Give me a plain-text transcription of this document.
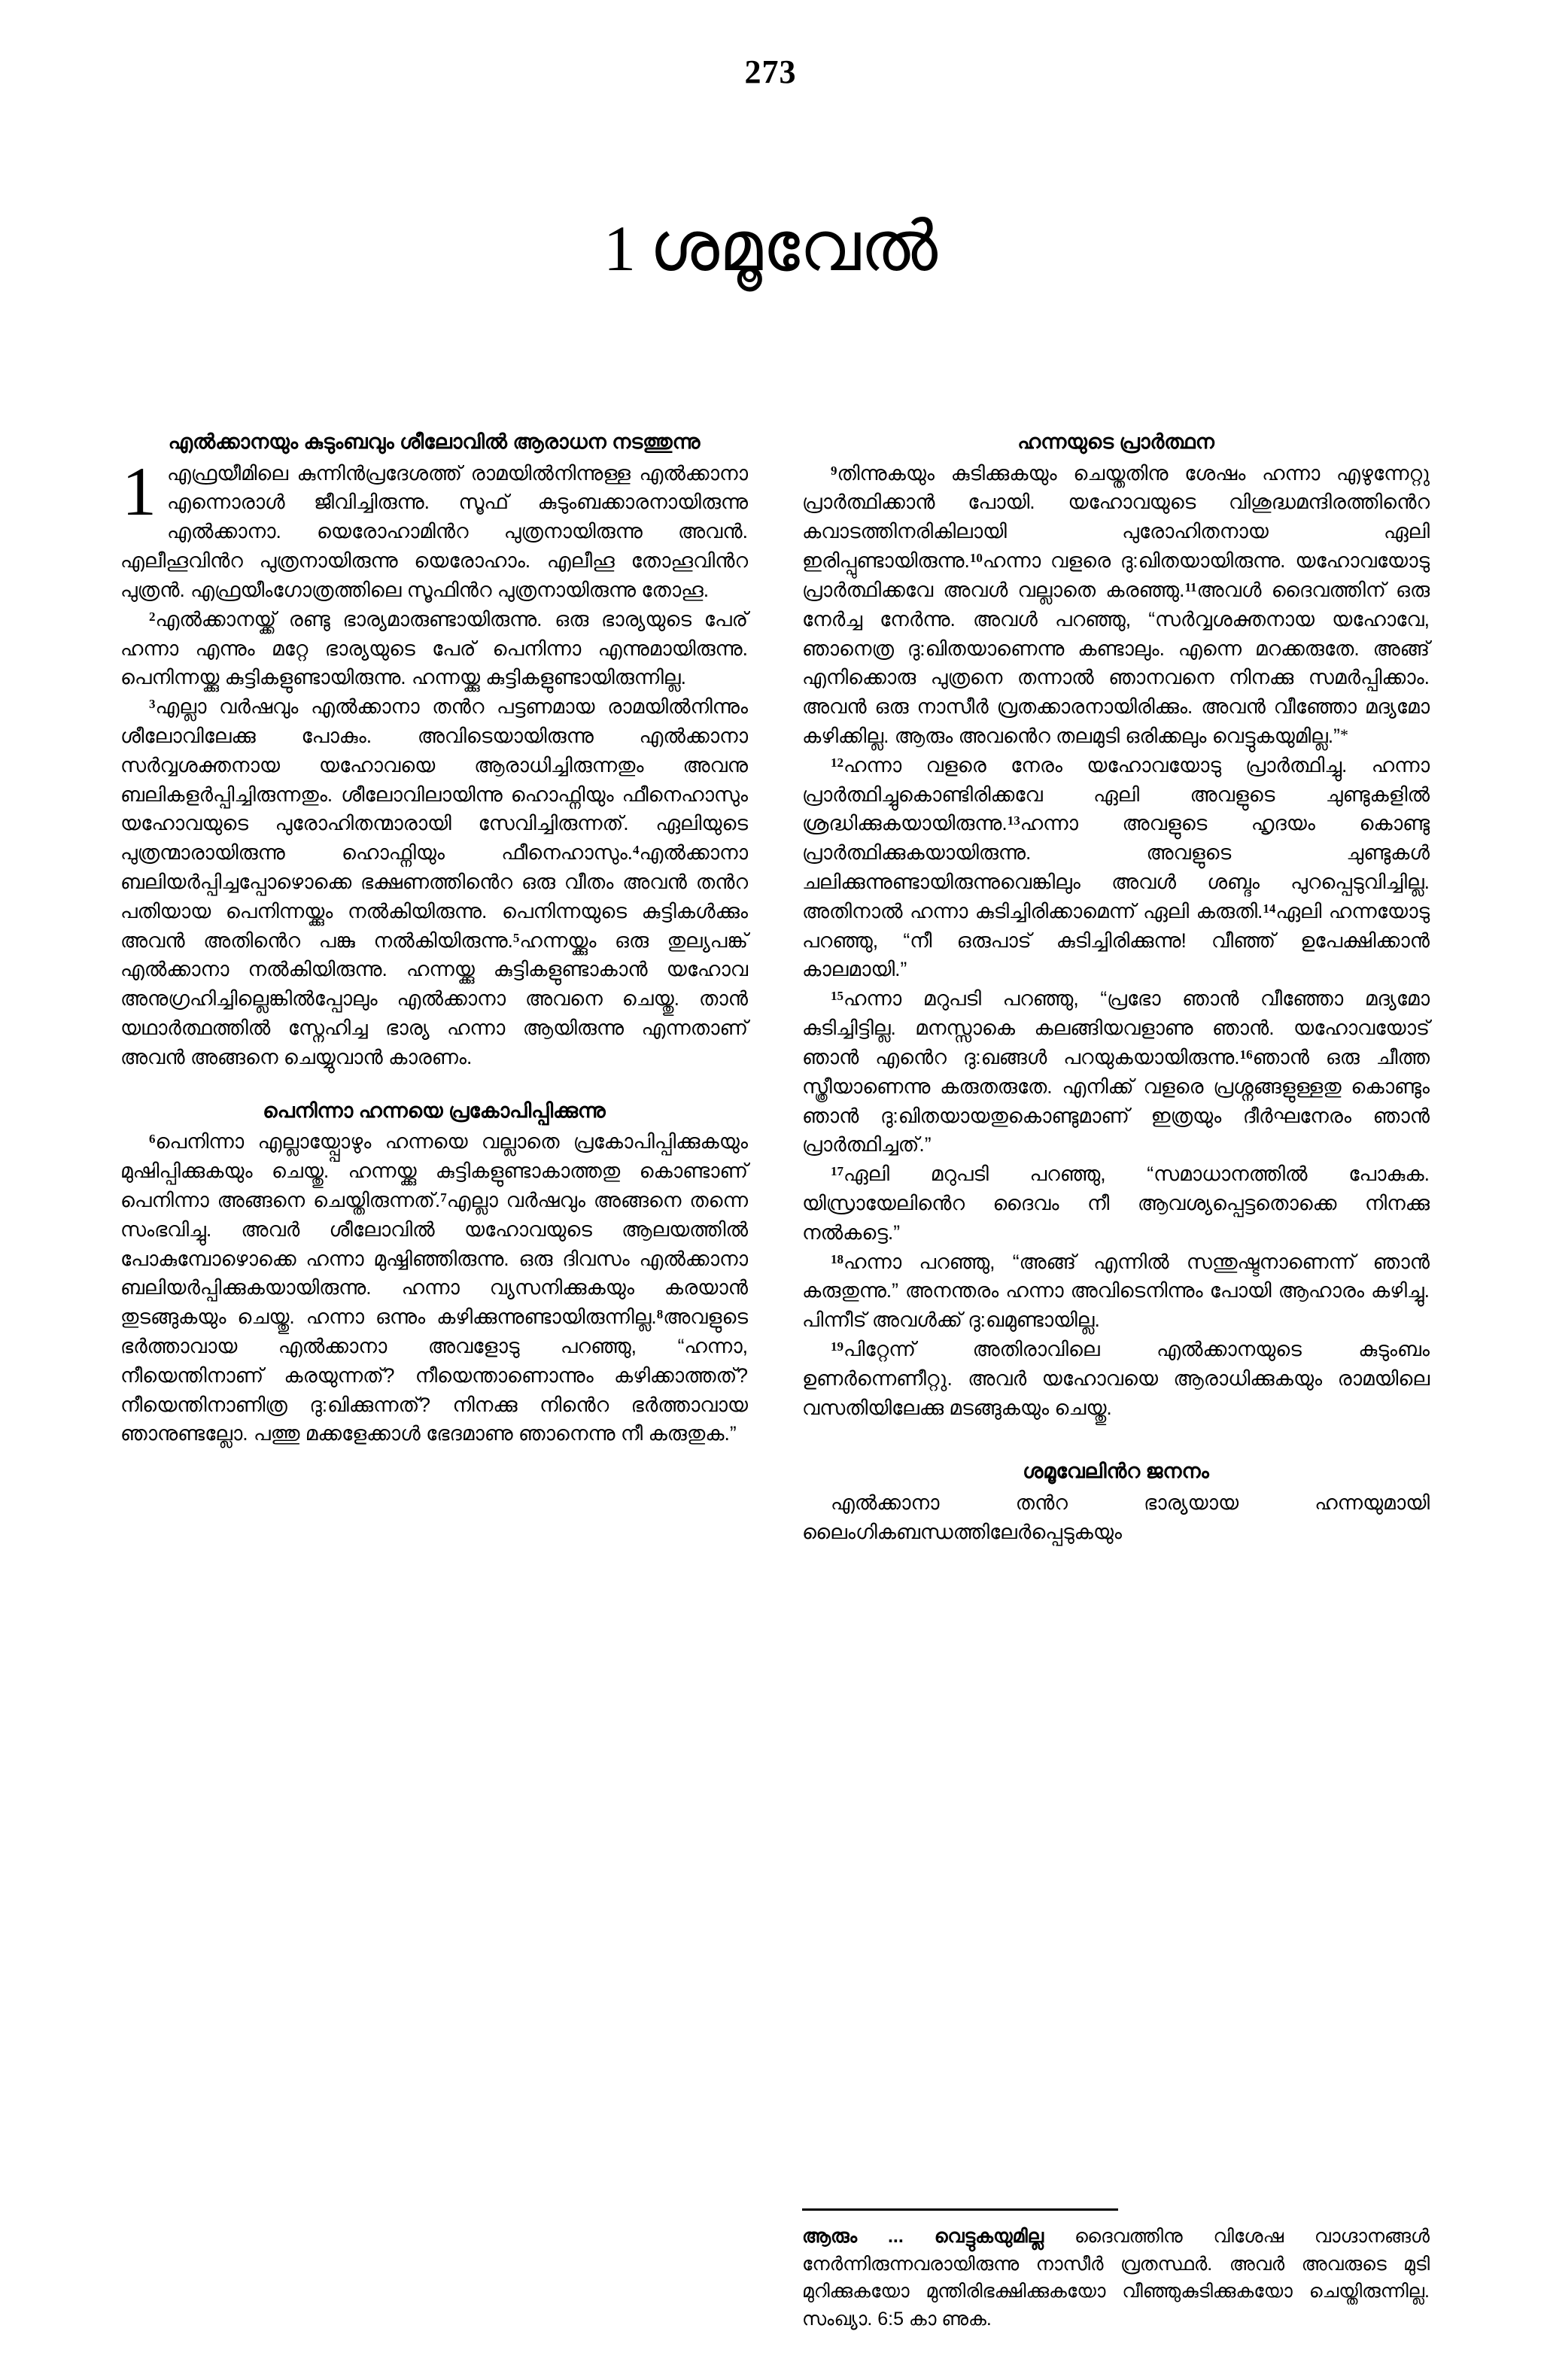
273
1 ശമൂവേൽ
എൽക്കാനയും കുടുംബവും ശീലോവിൽ ആരാധന നടത്തുന്നു

1 എഫ്രയീമിലെ കുന്നിൻപ്രദേശത്ത് രാമയിൽനിന്നുള്ള എൽക്കാനാ എന്നൊരാൾ ജീവിച്ചിരുന്നു. സൂഫ് കുടുംബക്കാരനായിരുന്നു എൽക്കാനാ. യെരോഹാമിൻറ പുത്രനായിരുന്നു അവൻ. എലീഹൂവിൻറ പുത്രനായിരുന്നു യെരോഹാം. എലീഹൂ തോഹൂവിൻറ പുത്രൻ. എഫ്രയീംഗോത്രത്തിലെ സൂഫിൻറ പുത്രനായിരുന്നു തോഹൂ.

$^2$എൽക്കാനയ്ക്ക് രണ്ടു ഭാര്യമാരുണ്ടായിരുന്നു. ഒരു ഭാര്യയുടെ പേര് ഹന്നാ എന്നും മറ്റേ ഭാര്യയുടെ പേര് പെനിന്നാ എന്നുമായിരുന്നു. പെനിന്നയ്ക്കു കുട്ടികളുണ്ടായിരുന്നു. ഹന്നയ്ക്കു കുട്ടികളുണ്ടായിരുന്നില്ല.

$^3$എല്ലാ വർഷവും എൽക്കാനാ തൻറ പട്ടണമായ രാമയിൽനിന്നും ശീലോവിലേക്കു പോകും. അവിടെയായിരുന്നു എൽക്കാനാ സർവ്വശക്തനായ യഹോവയെ ആരാധിച്ചിരുന്നതും അവനു ബലികളർപ്പിച്ചിരുന്നതും. ശീലോവിലായിന്നു ഹൊഫ്നിയും ഫീനെഹാസും യഹോവയുടെ പുരോഹിതന്മാരായി സേവിച്ചിരുന്നത്. ഏലിയുടെ പുത്രന്മാരായിരുന്നു ഹൊഫ്നിയും ഫീനെഹാസും.$^4$എൽക്കാനാ ബലിയർപ്പിച്ചപ്പോഴൊക്കെ ഭക്ഷണത്തിൻെറ ഒരു വീതം അവൻ തൻറ പതിയായ പെനിന്നയ്ക്കും നൽകിയിരുന്നു. പെനിന്നയുടെ കുട്ടികൾക്കും അവൻ അതിൻെറ പങ്കു നൽകിയിരുന്നു.$^5$ഹന്നയ്ക്കും ഒരു തുല്യപങ്ക് എൽക്കാനാ നൽകിയിരുന്നു. ഹന്നയ്ക്കു കുട്ടികളുണ്ടാകാൻ യഹോവ അനുഗ്രഹിച്ചില്ലെങ്കിൽപ്പോലും എൽക്കാനാ അവനെ ചെയ്തു. താൻ യഥാർത്ഥത്തിൽ സ്നേഹിച്ച ഭാര്യ ഹന്നാ ആയിരുന്നു എന്നതാണ് അവൻ അങ്ങനെ ചെയ്യുവാൻ കാരണം.

പെനിന്നാ ഹന്നയെ പ്രകോപിപ്പിക്കുന്നു

$^6$പെനിന്നാ എല്ലായ്പ്പോഴും ഹന്നയെ വല്ലാതെ പ്രകോപിപ്പിക്കുകയും മുഷിപ്പിക്കുകയും ചെയ്തു. ഹന്നയ്ക്കു കുട്ടികളുണ്ടാകാത്തതു കൊണ്ടാണ് പെനിന്നാ അങ്ങനെ ചെയ്തിരുന്നത്.$^7$എല്ലാ വർഷവും അങ്ങനെ തന്നെ സംഭവിച്ചു. അവർ ശീലോവിൽ യഹോവയുടെ ആലയത്തിൽ പോകുമ്പോഴൊക്കെ ഹന്നാ മുഷ്ഷിഞ്ഞിരുന്നു. ഒരു ദിവസം എൽക്കാനാ ബലിയർപ്പിക്കുകയായിരുന്നു. ഹന്നാ വ്യസനിക്കുകയും കരയാൻ തുടങ്ങുകയും ചെയ്തു. ഹന്നാ ഒന്നും കഴിക്കുന്നുണ്ടായിരുന്നില്ല.$^8$അവളുടെ ഭർത്താവായ എൽക്കാനാ അവളോടു പറഞ്ഞു, “ഹന്നാ, നീയെന്തിനാണ് കരയുന്നത്? നീയെന്താണൊന്നും കഴിക്കാത്തത്? നീയെന്തിനാണിത്ര ദു:ഖിക്കുന്നത്? നിനക്കു നിൻെറ ഭർത്താവായ ഞാനുണ്ടല്ലോ. പത്തു മക്കളേക്കാൾ ഭേദമാണു ഞാനെന്നു നീ കരുതുക.”

ഹന്നയുടെ പ്രാർത്ഥന

$^9$തിന്നുകയും കുടിക്കുകയും ചെയ്തതിനു ശേഷം ഹന്നാ എഴുന്നേറ്റു പ്രാർത്ഥിക്കാൻ പോയി. യഹോവയുടെ വിശുദ്ധമന്ദിരത്തിൻെറ കവാടത്തിനരികിലായി പുരോഹിതനായ ഏലി ഇരിപ്പുണ്ടായിരുന്നു.$^{10}$ഹന്നാ വളരെ ദു:ഖിതയായിരുന്നു. യഹോവയോടു പ്രാർത്ഥിക്കവേ അവൾ വല്ലാതെ കരഞ്ഞു.$^{11}$അവൾ ദൈവത്തിന് ഒരു നേർച്ച നേർന്നു. അവൾ പറഞ്ഞു, “സർവ്വശക്തനായ യഹോവേ, ഞാനെത്ര ദു:ഖിതയാണെന്നു കണ്ടാലും. എന്നെ മറക്കരുതേ. അങ്ങ് എനിക്കൊരു പുത്രനെ തന്നാൽ ഞാനവനെ നിനക്കു സമർപ്പിക്കാം. അവൻ ഒരു നാസീർ വ്രതക്കാരനായിരിക്കും. അവൻ വീഞ്ഞോ മദ്യമോ കഴിക്കില്ല. ആരും അവൻെറ തലമുടി ഒരിക്കലും വെട്ടുകയുമില്ല.”*

$^{12}$ഹന്നാ വളരെ നേരം യഹോവയോടു പ്രാർത്ഥിച്ചു. ഹന്നാ പ്രാർത്ഥിച്ചുകൊണ്ടിരിക്കവേ ഏലി അവളുടെ ചുണ്ടുകളിൽ ശ്രദ്ധിക്കുകയായിരുന്നു.$^{13}$ഹന്നാ അവളുടെ ഹൃദയം കൊണ്ടു പ്രാർത്ഥിക്കുകയായിരുന്നു. അവളുടെ ചുണ്ടുകൾ ചലിക്കുന്നുണ്ടായിരുന്നുവെങ്കിലും അവൾ ശബ്ദം പുറപ്പെടുവിച്ചില്ല. അതിനാൽ ഹന്നാ കുടിച്ചിരിക്കാമെന്ന് ഏലി കരുതി.$^{14}$ഏലി ഹന്നയോടു പറഞ്ഞു, “നീ ഒരുപാട് കുടിച്ചിരിക്കുന്നു! വീഞ്ഞ് ഉപേക്ഷിക്കാൻ കാലമായി.”

$^{15}$ഹന്നാ മറുപടി പറഞ്ഞു, “പ്രഭോ ഞാൻ വീഞ്ഞോ മദ്യമോ കുടിച്ചിട്ടില്ല. മനസ്സാകെ കലങ്ങിയവളാണു ഞാൻ. യഹോവയോട് ഞാൻ എൻെറ ദു:ഖങ്ങൾ പറയുകയായിരുന്നു.$^{16}$ഞാൻ ഒരു ചീത്ത സ്ത്രീയാണെന്നു കരുതരുതേ. എനിക്ക് വളരെ പ്രശ്നങ്ങളുള്ളതു കൊണ്ടും ഞാൻ ദു:ഖിതയായതുകൊണ്ടുമാണ് ഇത്രയും ദീർഘനേരം ഞാൻ പ്രാർത്ഥിച്ചത്.”

$^{17}$ഏലി മറുപടി പറഞ്ഞു, “സമാധാനത്തിൽ പോകുക. യിസ്രായേലിൻെറ ദൈവം നീ ആവശ്യപ്പെട്ടതൊക്കെ നിനക്കു നൽകട്ടെ.”

$^{18}$ഹന്നാ പറഞ്ഞു, “അങ്ങ് എന്നിൽ സന്തുഷ്ടനാണെന്ന് ഞാൻ കരുതുന്നു.” അനന്തരം ഹന്നാ അവിടെനിന്നും പോയി ആഹാരം കഴിച്ചു. പിന്നീട് അവൾക്ക് ദു:ഖമുണ്ടായില്ല.

$^{19}$പിറ്റേന്ന് അതിരാവിലെ എൽക്കാനയുടെ കുടുംബം ഉണർന്നെണീറ്റു. അവർ യഹോവയെ ആരാധിക്കുകയും രാമയിലെ വസതിയിലേക്കു മടങ്ങുകയും ചെയ്തു.

ശമൂവേലിൻറ ജനനം

എൽക്കാനാ തൻറ ഭാര്യയായ ഹന്നയുമായി ലൈംഗികബന്ധത്തിലേർപ്പെടുകയും

ആരും ... വെട്ടുകയുമില്ല ദൈവത്തിനു വിശേഷ വാഗ്ദാനങ്ങൾ നേർന്നിരുന്നവരായിരുന്നു നാസീർ വ്രതസ്ഥർ. അവർ അവരുടെ മുടി മുറിക്കുകയോ മുന്തിരിഭക്ഷിക്കുകയോ വീഞ്ഞുകുടിക്കുകയോ ചെയ്തിരുന്നില്ല. സംഖ്യാ. 6:5 കാ ണുക.
